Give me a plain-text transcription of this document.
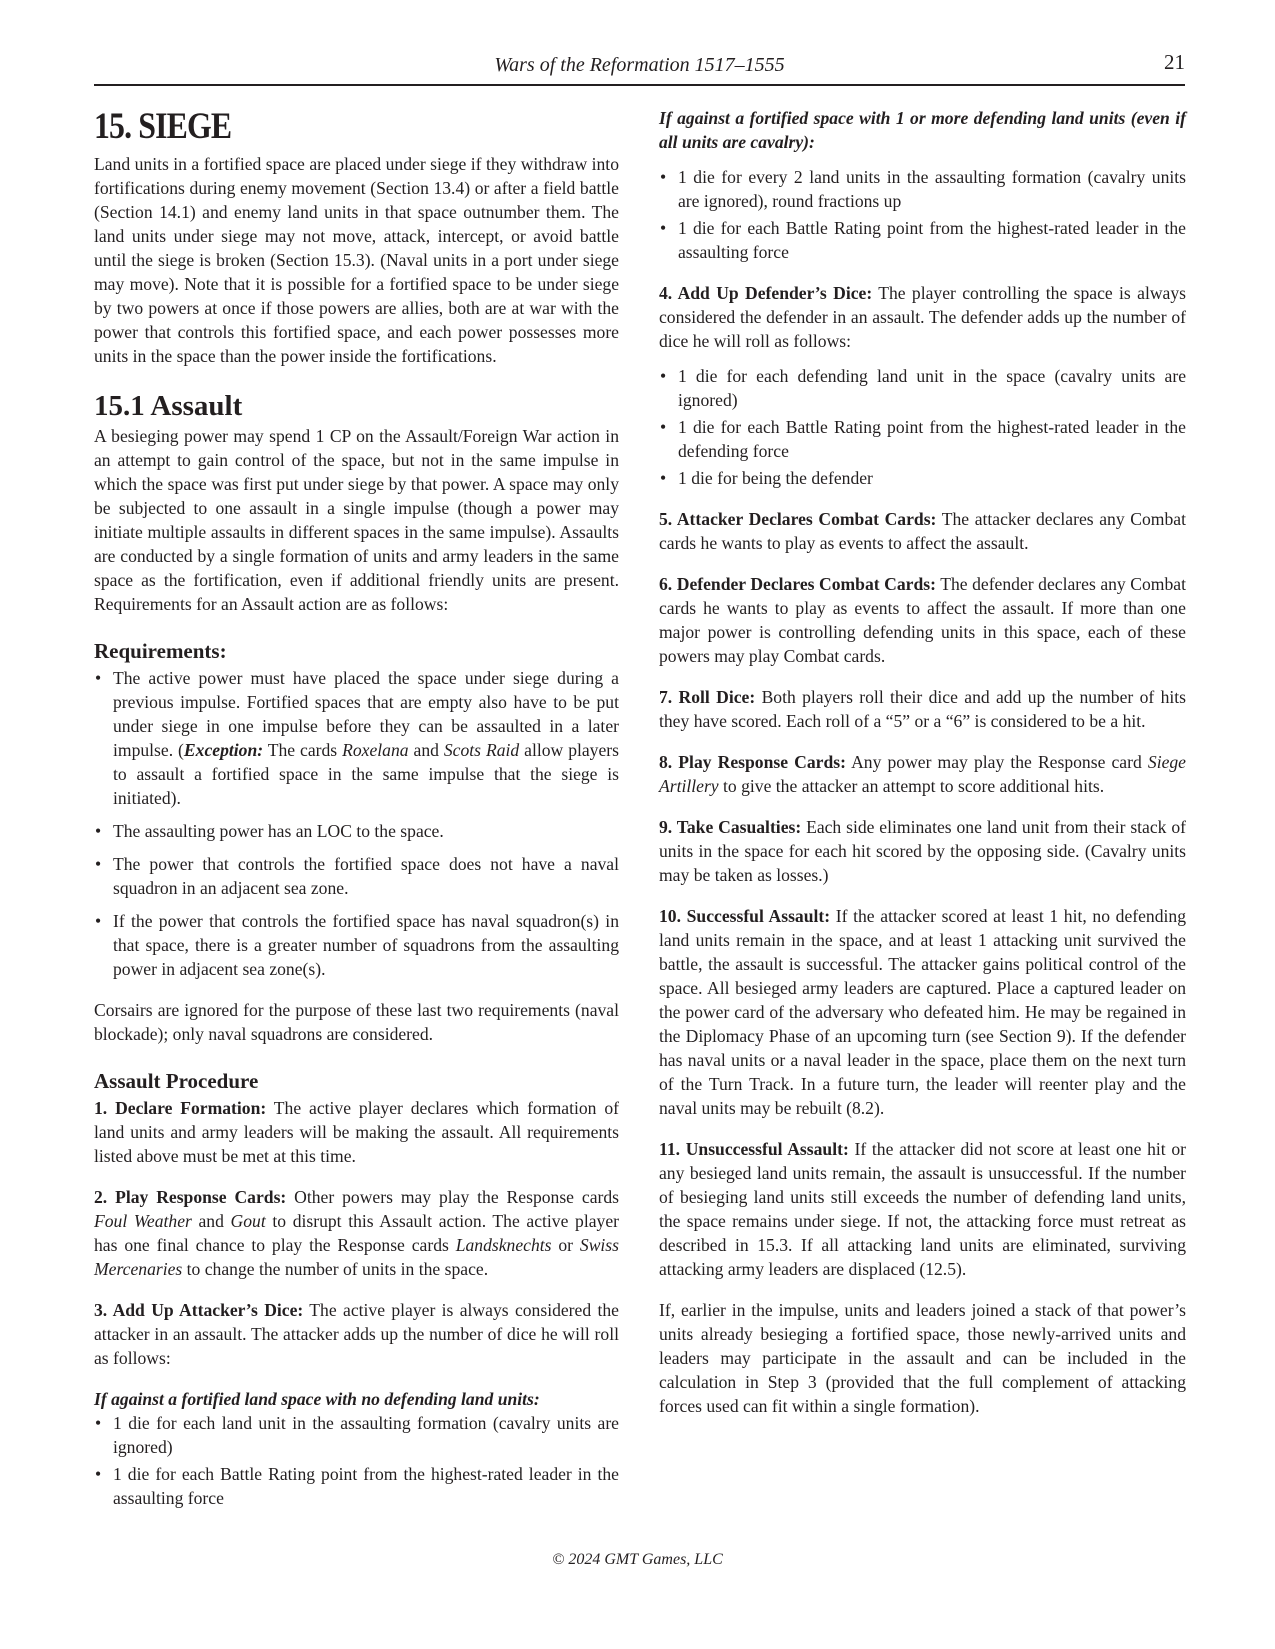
Wars of the Reformation 1517–1555	21
15. SIEGE

Land units in a fortified space are placed under siege if they withdraw into fortifications during enemy movement (Section 13.4) or after a field battle (Section 14.1) and enemy land units in that space outnumber them. The land units under siege may not move, attack, intercept, or avoid battle until the siege is broken (Section 15.3). (Naval units in a port under siege may move). Note that it is possible for a fortified space to be under siege by two powers at once if those powers are allies, both are at war with the power that controls this fortified space, and each power possesses more units in the space than the power inside the fortifications.

15.1 Assault

A besieging power may spend 1 CP on the Assault/Foreign War action in an attempt to gain control of the space, but not in the same impulse in which the space was first put under siege by that power. A space may only be subjected to one assault in a single impulse (though a power may initiate multiple assaults in different spaces in the same impulse). Assaults are conducted by a single formation of units and army leaders in the same space as the fortification, even if additional friendly units are present. Requirements for an Assault action are as follows:

Requirements:
• The active power must have placed the space under siege during a previous impulse. Fortified spaces that are empty also have to be put under siege in one impulse before they can be assaulted in a later impulse. (Exception: The cards Roxelana and Scots Raid allow players to assault a fortified space in the same impulse that the siege is initiated).
• The assaulting power has an LOC to the space.
• The power that controls the fortified space does not have a naval squadron in an adjacent sea zone.
• If the power that controls the fortified space has naval squadron(s) in that space, there is a greater number of squadrons from the assaulting power in adjacent sea zone(s).

Corsairs are ignored for the purpose of these last two requirements (naval blockade); only naval squadrons are considered.

Assault Procedure

1. Declare Formation: The active player declares which formation of land units and army leaders will be making the assault. All requirements listed above must be met at this time.

2. Play Response Cards: Other powers may play the Response cards Foul Weather and Gout to disrupt this Assault action. The active player has one final chance to play the Response cards Landsknechts or Swiss Mercenaries to change the number of units in the space.

3. Add Up Attacker’s Dice: The active player is always considered the attacker in an assault. The attacker adds up the number of dice he will roll as follows:

If against a fortified land space with no defending land units:

• 1 die for each land unit in the assaulting formation (cavalry units are ignored)
• 1 die for each Battle Rating point from the highest-rated leader in the assaulting force

If against a fortified space with 1 or more defending land units (even if all units are cavalry):

• 1 die for every 2 land units in the assaulting formation (cavalry units are ignored), round fractions up
• 1 die for each Battle Rating point from the highest-rated leader in the assaulting force

4. Add Up Defender’s Dice: The player controlling the space is always considered the defender in an assault. The defender adds up the number of dice he will roll as follows:

• 1 die for each defending land unit in the space (cavalry units are ignored)
• 1 die for each Battle Rating point from the highest-rated leader in the defending force
• 1 die for being the defender

5. Attacker Declares Combat Cards: The attacker declares any Combat cards he wants to play as events to affect the assault.

6. Defender Declares Combat Cards: The defender declares any Combat cards he wants to play as events to affect the assault. If more than one major power is controlling defending units in this space, each of these powers may play Combat cards.

7. Roll Dice: Both players roll their dice and add up the number of hits they have scored. Each roll of a “5” or a “6” is considered to be a hit.

8. Play Response Cards: Any power may play the Response card Siege Artillery to give the attacker an attempt to score additional hits.

9. Take Casualties: Each side eliminates one land unit from their stack of units in the space for each hit scored by the opposing side. (Cavalry units may be taken as losses.)

10. Successful Assault: If the attacker scored at least 1 hit, no defending land units remain in the space, and at least 1 attacking unit survived the battle, the assault is successful. The attacker gains political control of the space. All besieged army leaders are captured. Place a captured leader on the power card of the adversary who defeated him. He may be regained in the Diplomacy Phase of an upcoming turn (see Section 9). If the defender has naval units or a naval leader in the space, place them on the next turn of the Turn Track. In a future turn, the leader will reenter play and the naval units may be rebuilt (8.2).

11. Unsuccessful Assault: If the attacker did not score at least one hit or any besieged land units remain, the assault is unsuccessful. If the number of besieging land units still exceeds the number of defending land units, the space remains under siege. If not, the attacking force must retreat as described in 15.3. If all attacking land units are eliminated, surviving attacking army leaders are displaced (12.5).

If, earlier in the impulse, units and leaders joined a stack of that power’s units already besieging a fortified space, those newly-arrived units and leaders may participate in the assault and can be included in the calculation in Step 3 (provided that the full complement of attacking forces used can fit within a single formation).

© 2024 GMT Games, LLC
